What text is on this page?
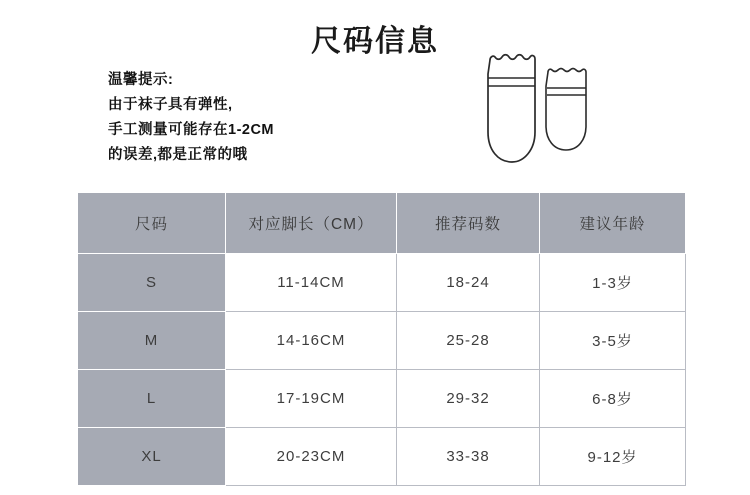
尺码信息
温馨提示:
由于袜子具有弹性,
手工测量可能存在1-2CM
的误差,都是正常的哦
尺码	对应脚长（CM）	推荐码数	建议年龄
S	11-14CM	18-24	1-3岁
M	14-16CM	25-28	3-5岁
L	17-19CM	29-32	6-8岁
XL	20-23CM	33-38	9-12岁
